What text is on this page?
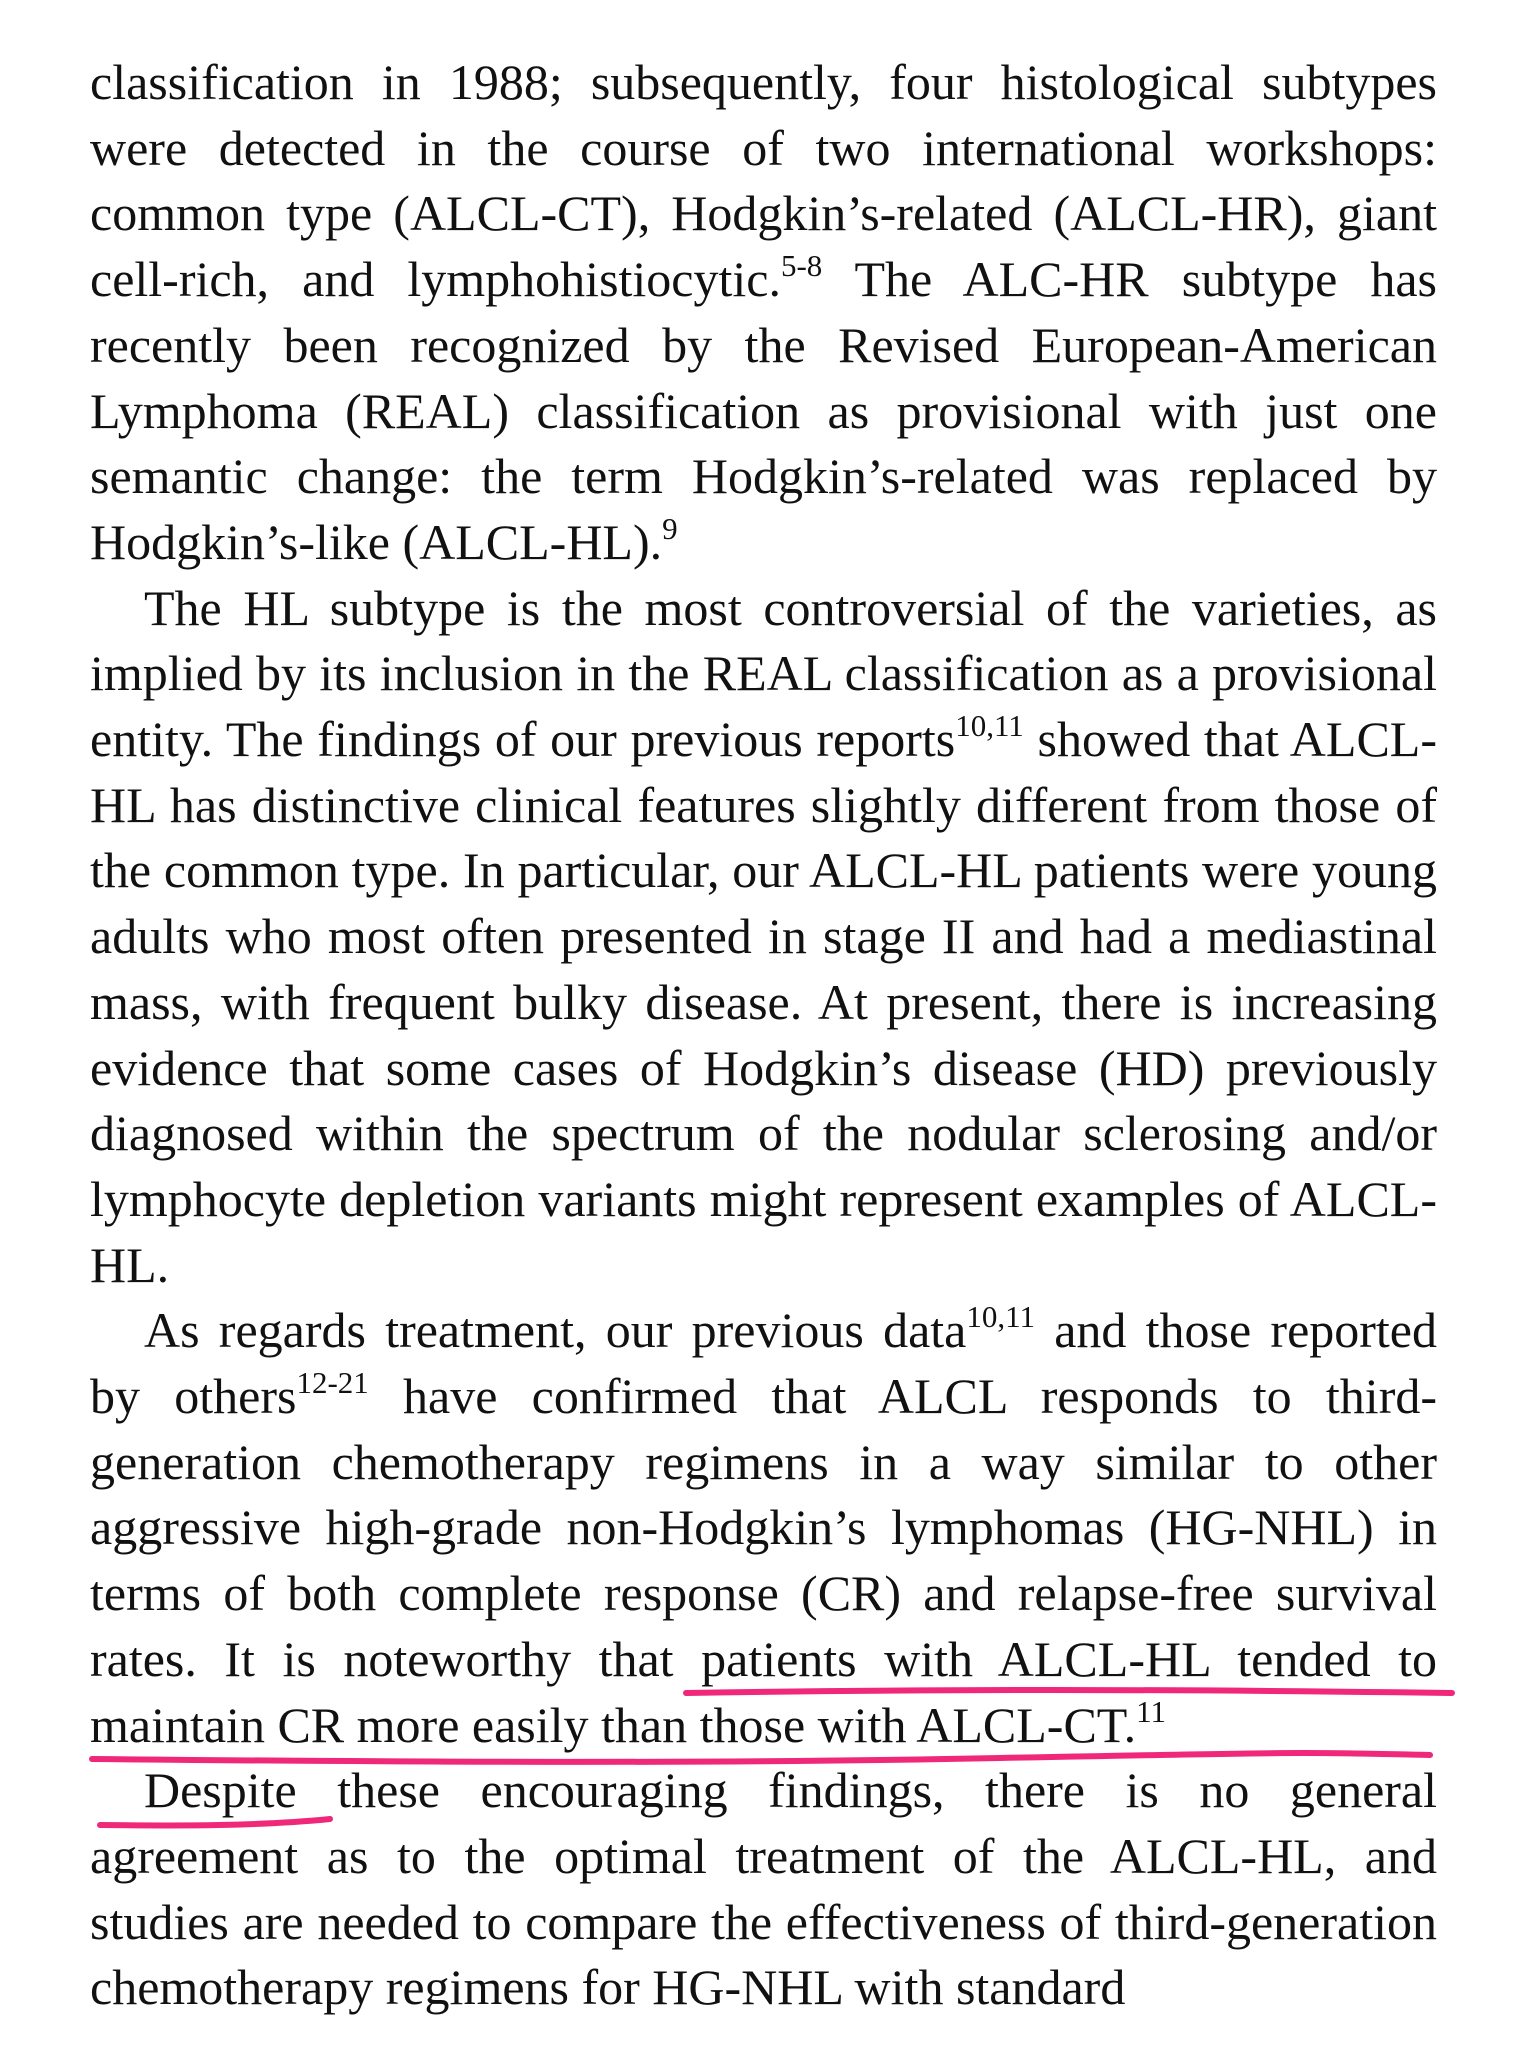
classification in 1988; subsequently, four histological subtypes were detected in the course of two international workshops: common type (ALCL-CT), Hodgkin’s-related (ALCL-HR), giant cell-rich, and lymphohistiocytic.$^{5-8}$ The ALC-HR subtype has recently been recognized by the Revised European-American Lymphoma (REAL) classification as provisional with just one semantic change: the term Hodgkin’s-related was replaced by Hodgkin’s-like (ALCL-HL).$^9$

The HL subtype is the most controversial of the varieties, as implied by its inclusion in the REAL classification as a provisional entity. The findings of our previous reports$^{10,11}$ showed that ALCL-HL has distinctive clinical features slightly different from those of the common type. In particular, our ALCL-HL patients were young adults who most often presented in stage II and had a mediastinal mass, with frequent bulky disease. At present, there is increasing evidence that some cases of Hodgkin’s disease (HD) previously diagnosed within the spectrum of the nodular sclerosing and/or lymphocyte depletion variants might represent examples of ALCL-HL.

As regards treatment, our previous data$^{10,11}$ and those reported by others$^{12-21}$ have confirmed that ALCL responds to third-generation chemotherapy regimens in a way similar to other aggressive high-grade non-Hodgkin’s lymphomas (HG-NHL) in terms of both complete response (CR) and relapse-free survival rates. It is noteworthy that patients with ALCL-HL tended to maintain CR more easily than those with ALCL-CT.$^{11}$

Despite these encouraging findings, there is no general agreement as to the optimal treatment of the ALCL-HL, and studies are needed to compare the effectiveness of third-generation chemotherapy regimens for HG-NHL with standard
